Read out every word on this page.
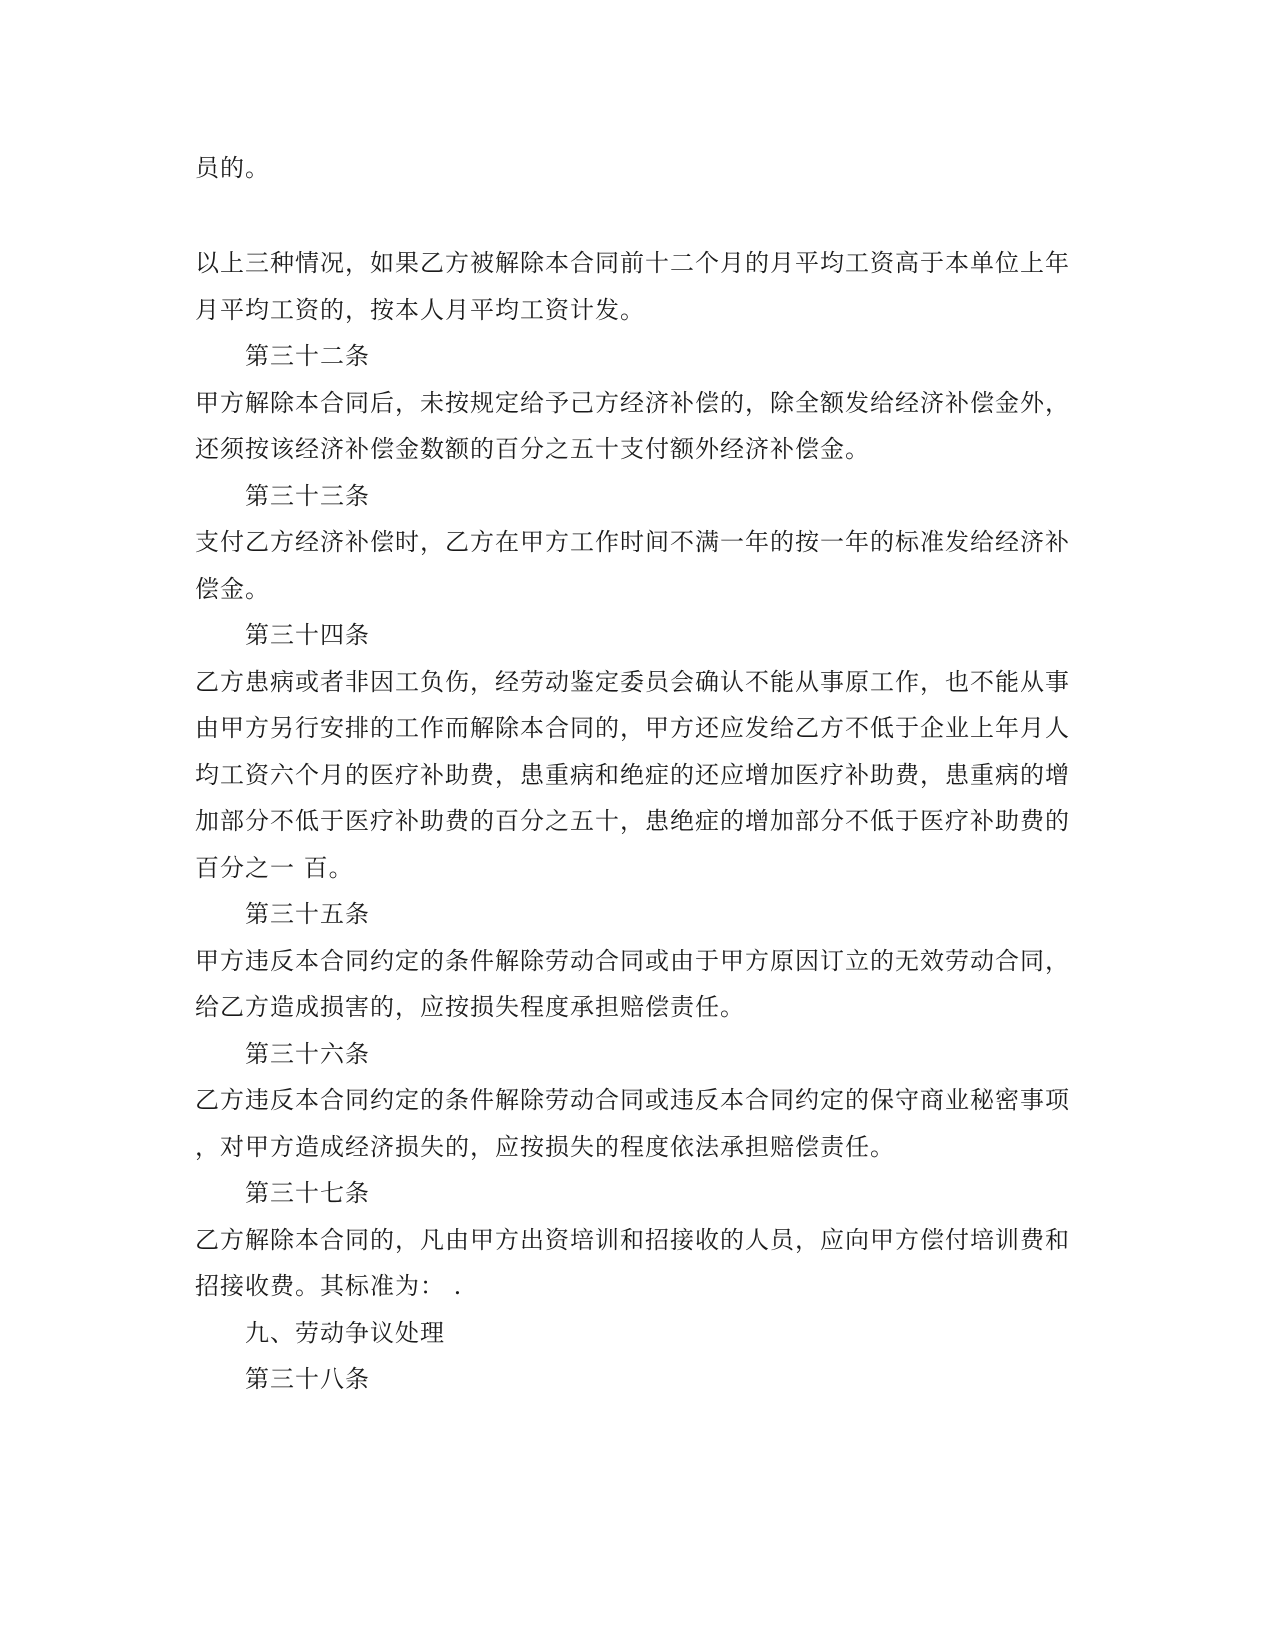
员的。
以上三种情况，如果乙方被解除本合同前十二个月的月平均工资高于本单位上年
月平均工资的，按本人月平均工资计发。
第三十二条
甲方解除本合同后，未按规定给予己方经济补偿的，除全额发给经济补偿金外，
还须按该经济补偿金数额的百分之五十支付额外经济补偿金。
第三十三条
支付乙方经济补偿时，乙方在甲方工作时间不满一年的按一年的标准发给经济补
偿金。
第三十四条
乙方患病或者非因工负伤，经劳动鉴定委员会确认不能从事原工作，也不能从事
由甲方另行安排的工作而解除本合同的，甲方还应发给乙方不低于企业上年月人
均工资六个月的医疗补助费，患重病和绝症的还应增加医疗补助费，患重病的增
加部分不低于医疗补助费的百分之五十，患绝症的增加部分不低于医疗补助费的
百分之一 百。
第三十五条
甲方违反本合同约定的条件解除劳动合同或由于甲方原因订立的无效劳动合同，
给乙方造成损害的，应按损失程度承担赔偿责任。
第三十六条
乙方违反本合同约定的条件解除劳动合同或违反本合同约定的保守商业秘密事项
，对甲方造成经济损失的，应按损失的程度依法承担赔偿责任。
第三十七条
乙方解除本合同的，凡由甲方出资培训和招接收的人员，应向甲方偿付培训费和
招接收费。其标准为： .
九、劳动争议处理
第三十八条
